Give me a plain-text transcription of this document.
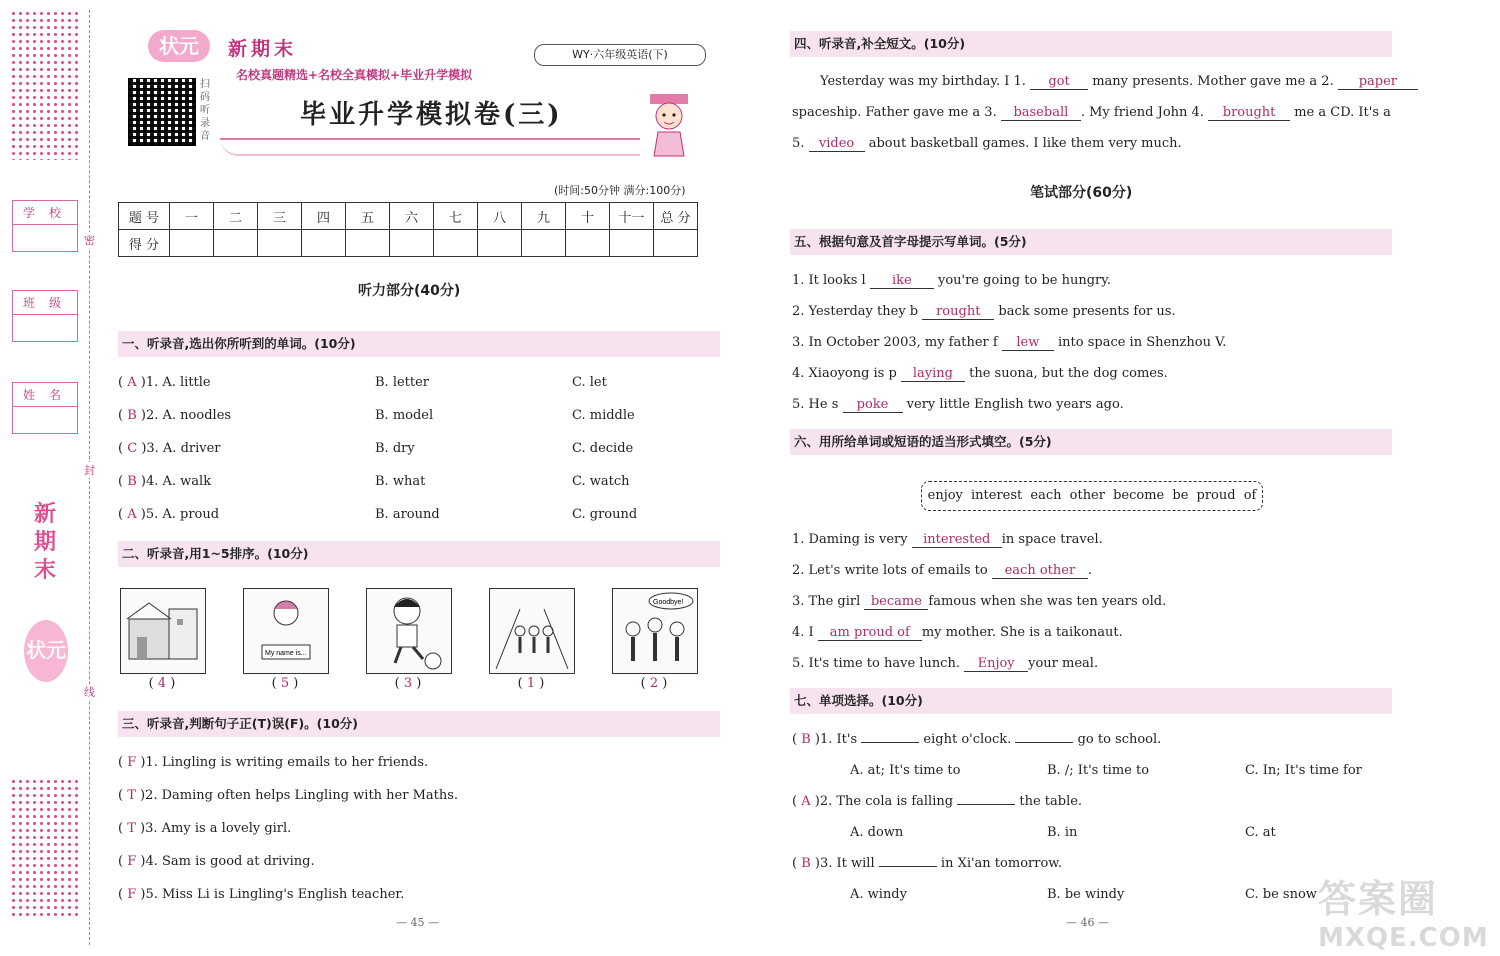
密
封
线
学校
班级
姓名
新期末
状元
状元	新期末
名校真题精选+名校全真模拟+毕业升学模拟
扫码听录音
WY·六年级英语(下)
毕业升学模拟卷(三)
(时间:50分钟 满分:100分)
题 号	一	二	三	四	五	六	七	八	九	十	十一	总 分
得 分												
听力部分(40分)
一、听录音,选出你所听到的单词。(10分)
( A )1. A. little	B. letter	C. let
( B )2. A. noodles	B. model	C. middle
( C )3. A. driver	B. dry	C. decide
( B )4. A. walk	B. what	C. watch
( A )5. A. proud	B. around	C. ground
二、听录音,用1~5排序。(10分)
My name is...
Goodbye!
( 4 )	( 5 )	( 3 )	( 1 )	( 2 )
三、听录音,判断句子正(T)误(F)。(10分)
( F )1. Lingling is writing emails to her friends.
( T )2. Daming often helps Lingling with her Maths.
( T )3. Amy is a lovely girl.
( F )4. Sam is good at driving.
( F )5. Miss Li is Lingling's English teacher.
— 45 —
四、听录音,补全短文。(10分)
Yesterday was my birthday. I 1. got many presents. Mother gave me a 2. paper
spaceship. Father gave me a 3. baseball . My friend John 4. brought me a CD. It's a
5. video about basketball games. I like them very much.
笔试部分(60分)
五、根据句意及首字母提示写单词。(5分)
1. It looks l ike you're going to be hungry.
2. Yesterday they b rought back some presents for us.
3. In October 2003, my father f lew into space in Shenzhou V.
4. Xiaoyong is p laying the suona, but the dog comes.
5. He s poke very little English two years ago.
六、用所给单词或短语的适当形式填空。(5分)
enjoy interest each other become be proud of
1. Daming is very interested in space travel.
2. Let's write lots of emails to each other .
3. The girl became famous when she was ten years old.
4. I am proud of my mother. She is a taikonaut.
5. It's time to have lunch. Enjoy your meal.
七、单项选择。(10分)
( B )1. It's	eight o'clock.	go to school.
A. at; It's time to	B. /; It's time to	C. In; It's time for
( A )2. The cola is falling	the table.
A. down	B. in	C. at
( B )3. It will	in Xi'an tomorrow.
A. windy	B. be windy	C. be snow
— 46 —
答案圈
MXQE.COM
